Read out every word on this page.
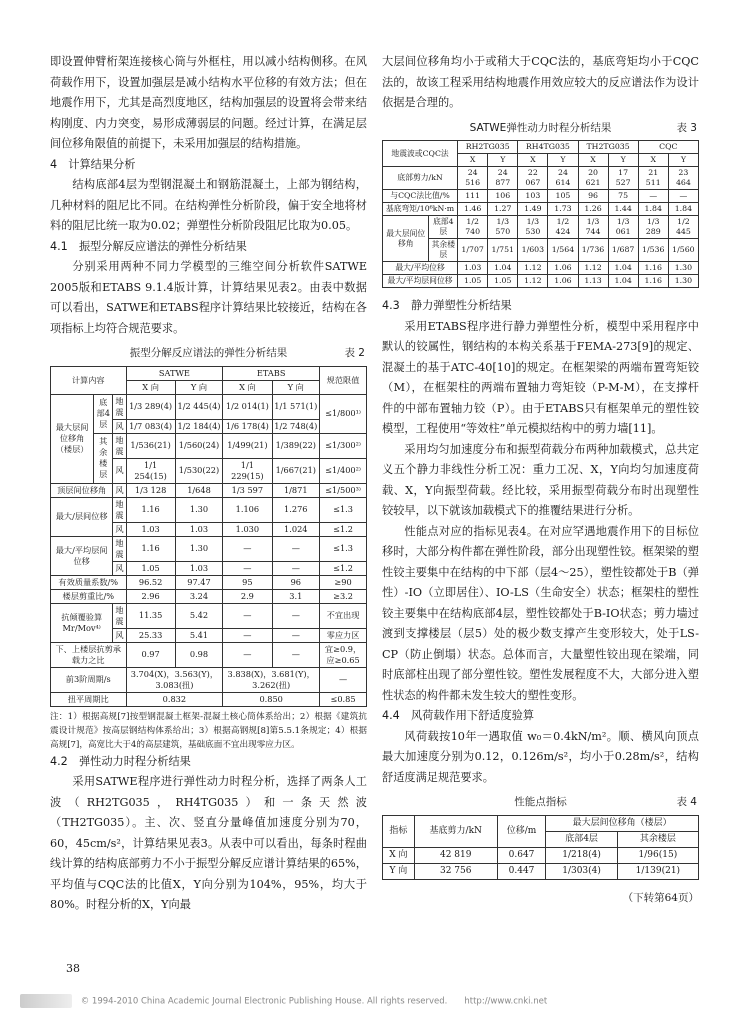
即设置伸臂桁架连接核心筒与外框柱，用以减小结构侧移。在风荷载作用下，设置加强层是减小结构水平位移的有效方法；但在地震作用下，尤其是高烈度地区，结构加强层的设置将会带来结构刚度、内力突变，易形成薄弱层的问题。经过计算，在满足层间位移角限值的前提下，未采用加强层的结构措施。

4　计算结果分析

结构底部4层为型钢混凝土和钢筋混凝土，上部为钢结构，几种材料的阻尼比不同。在结构弹性分析阶段，偏于安全地将材料的阻尼比统一取为0.02；弹塑性分析阶段阻尼比取为0.05。

4.1　振型分解反应谱法的弹性分析结果

分别采用两种不同力学模型的三维空间分析软件SATWE 2005版和ETABS 9.1.4版计算，计算结果见表2。由表中数据可以看出，SATWE和ETABS程序计算结果比较接近，结构在各项指标上均符合规范要求。

振型分解反应谱法的弹性分析结果	表 2
计算内容			SATWE		ETABS		规范限值
			X 向	Y 向	X 向	Y 向	
最大层间位移角（楼层）	底部4层	地震	1/3 289(4)	1/2 445(4)	1/2 014(1)	1/1 571(1)	≤1/800¹⁾
		风	1/7 083(4)	1/2 184(4)	1/6 178(4)	1/2 748(4)	
	其余楼层	地震	1/536(21)	1/560(24)	1/499(21)	1/389(22)	≤1/300²⁾
		风	1/1 254(15)	1/530(22)	1/1 229(15)	1/667(21)	≤1/400²⁾
顶层间位移角		风	1/3 128	1/648	1/3 597	1/871	≤1/500³⁾
最大/层间位移		地震	1.16	1.30	1.106	1.276	≤1.3
		风	1.03	1.03	1.030	1.024	≤1.2
最大/平均层间位移		地震	1.16	1.30	—	—	≤1.3
		风	1.05	1.03	—	—	≤1.2
有效质量系数/%			96.52	97.47	95	96	≥90
楼层剪重比/%			2.96	3.24	2.9	3.1	≥3.2
抗倾覆验算 Mr/Mov⁴⁾		地震	11.35	5.42	—	—	不宜出现
		风	25.33	5.41	—	—	零应力区
下、上楼层抗剪承载力之比			0.97	0.98	—	—	宜≥0.9，应≥0.65
前3阶周期/s			3.704(X)，3.563(Y)，3.083(扭)		3.838(X)，3.681(Y)，3.262(扭)		—
扭平周期比			0.832		0.850		≤0.85

注：1）根据高规[7]按型钢混凝土框架-混凝土核心筒体系给出；2）根据《建筑抗震设计规范》按高层钢结构体系给出；3）根据高钢规[8]第5.5.1条规定；4）根据高规[7]，高宽比大于4的高层建筑，基础底面不宜出现零应力区。

4.2　弹性动力时程分析结果

采用SATWE程序进行弹性动力时程分析，选择了两条人工波（RH2TG035，RH4TG035）和一条天然波（TH2TG035）。主、次、竖直分量峰值加速度分别为70，60，45cm/s²，计算结果见表3。从表中可以看出，每条时程曲线计算的结构底部剪力不小于振型分解反应谱计算结果的65%，平均值与CQC法的比值X，Y向分别为104%，95%，均大于80%。时程分析的X，Y向最

大层间位移角均小于或稍大于CQC法的，基底弯矩均小于CQC法的，故该工程采用结构地震作用效应较大的反应谱法作为设计依据是合理的。

SATWE弹性动力时程分析结果	表 3
地震波或CQC法		RH2TG035		RH4TG035		TH2TG035		CQC	
		X	Y	X	Y	X	Y	X	Y
底部剪力/kN		24 516	24 877	22 067	24 614	20 621	17 527	21 511	23 464
与CQC法比值/%		111	106	103	105	96	75	—	—
基底弯矩/10⁶kN·m		1.46	1.27	1.49	1.73	1.26	1.44	1.84	1.84
最大层间位移角	底部4层	1/2 740	1/3 570	1/3 530	1/2 424	1/3 744	1/3 061	1/3 289	1/2 445
	其余楼层	1/707	1/751	1/603	1/564	1/736	1/687	1/536	1/560
最大/平均位移		1.03	1.04	1.12	1.06	1.12	1.04	1.16	1.30
最大/平均层间位移		1.05	1.05	1.12	1.06	1.13	1.04	1.16	1.30

4.3　静力弹塑性分析结果

采用ETABS程序进行静力弹塑性分析，模型中采用程序中默认的铰属性，钢结构的本构关系基于FEMA-273[9]的规定、混凝土的基于ATC-40[10]的规定。在框架梁的两端布置弯矩铰（M），在框架柱的两端布置轴力弯矩铰（P-M-M），在支撑杆件的中部布置轴力铰（P）。由于ETABS只有框架单元的塑性铰模型，工程使用“等效柱”单元模拟结构中的剪力墙[11]。

采用均匀加速度分布和振型荷载分布两种加载模式，总共定义五个静力非线性分析工况：重力工况、X，Y向均匀加速度荷载、X，Y向振型荷载。经比较，采用振型荷载分布时出现塑性铰较早，以下就该加载模式下的推覆结果进行分析。

性能点对应的指标见表4。在对应罕遇地震作用下的目标位移时，大部分构件都在弹性阶段，部分出现塑性铰。框架梁的塑性铰主要集中在结构的中下部（层4～25），塑性铰都处于B（弹性）-IO（立即居住）、IO-LS（生命安全）状态；框架柱的塑性铰主要集中在结构底部4层，塑性铰都处于B-IO状态；剪力墙过渡到支撑楼层（层5）处的极少数支撑产生变形较大，处于LS-CP（防止倒塌）状态。总体而言，大量塑性铰出现在梁端，同时底部柱出现了部分塑性铰。塑性发展程度不大，大部分进入塑性状态的构件都未发生较大的塑性变形。

4.4　风荷载作用下舒适度验算

风荷载按10年一遇取值 w₀＝0.4kN/m²。顺、横风向顶点最大加速度分别为0.12，0.126m/s²，均小于0.28m/s²，结构舒适度满足规范要求。

性能点指标	表 4
指标	基底剪力/kN	位移/m	最大层间位移角（楼层）	
			底部4层	其余楼层
X 向	42 819	0.647	1/218(4)	1/96(15)
Y 向	32 756	0.447	1/303(4)	1/139(21)

（下转第64页）

38
© 1994-2010 China Academic Journal Electronic Publishing House. All rights reserved.　　http://www.cnki.net
